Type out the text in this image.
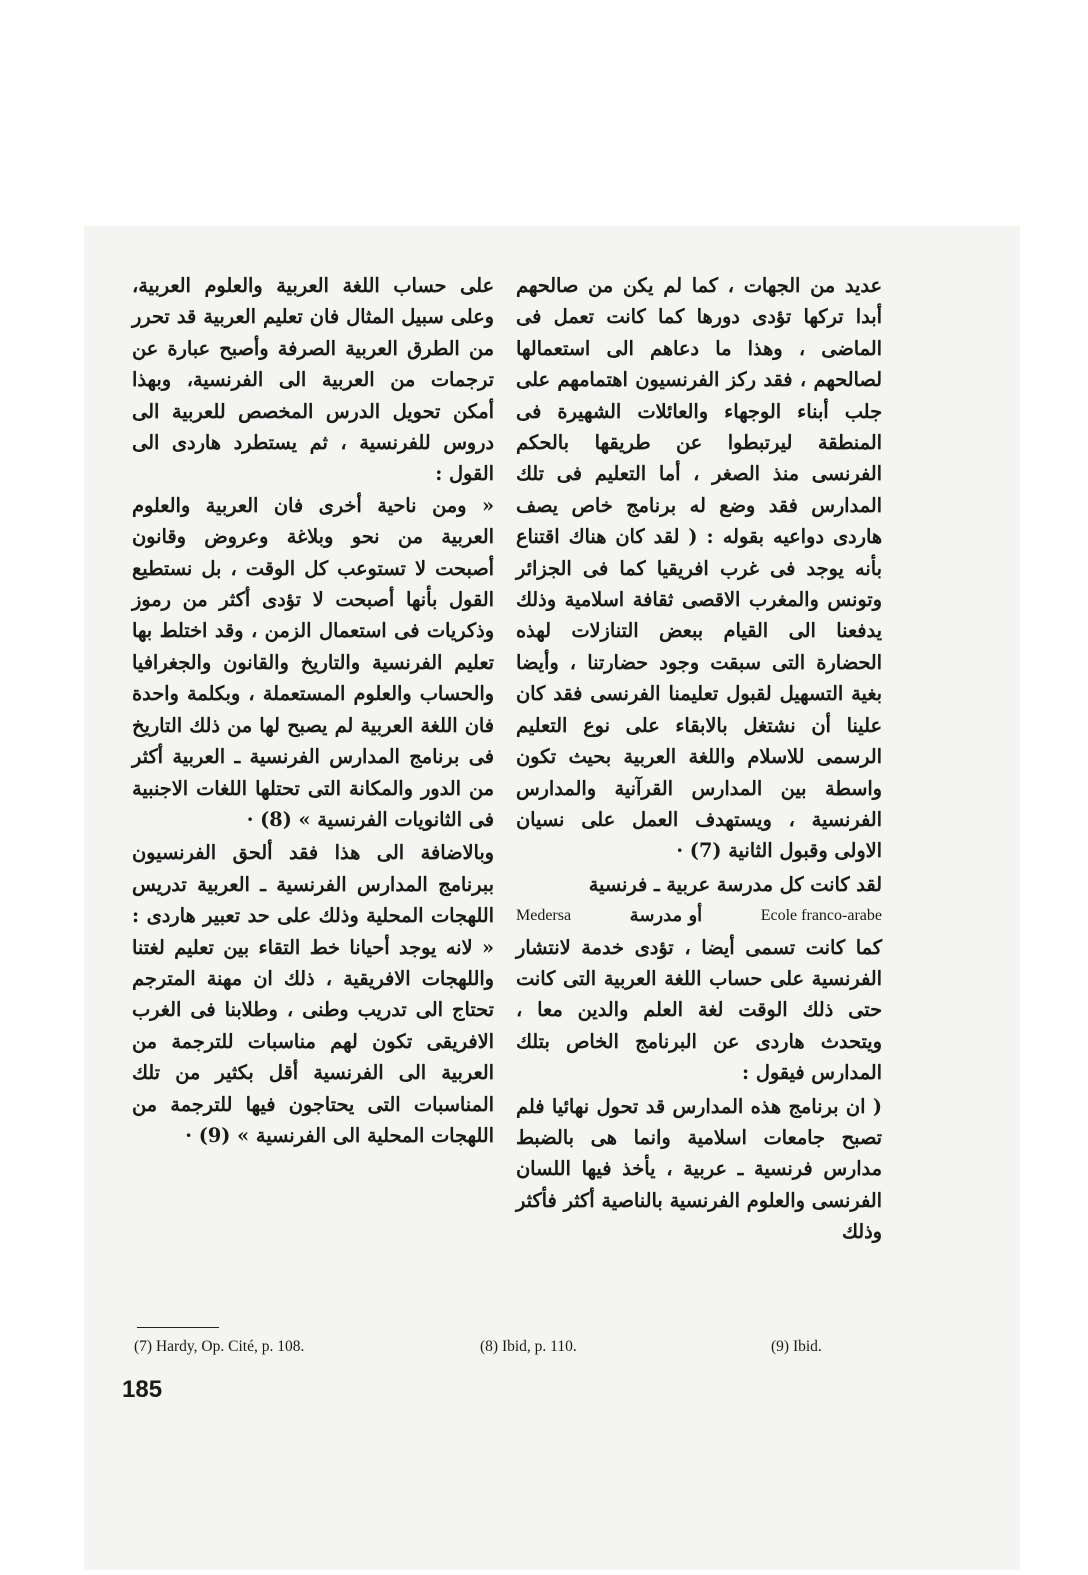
عديد من الجهات ، كما لم يكن من صالحهم أبدا تركها تؤدى دورها كما كانت تعمل فى الماضى ، وهذا ما دعاهم الى استعمالها لصالحهم ، فقد ركز الفرنسيون اهتمامهم على جلب أبناء الوجهاء والعائلات الشهيرة فى المنطقة ليرتبطوا عن طريقها بالحكم الفرنسى منذ الصغر ، أما التعليم فى تلك المدارس فقد وضع له برنامج خاص يصف هاردى دواعيه بقوله : ( لقد كان هناك اقتناع بأنه يوجد فى غرب افريقيا كما فى الجزائر وتونس والمغرب الاقصى ثقافة اسلامية وذلك يدفعنا الى القيام ببعض التنازلات لهذه الحضارة التى سبقت وجود حضارتنا ، وأيضا بغية التسهيل لقبول تعليمنا الفرنسى فقد كان علينا أن نشتغل بالابقاء على نوع التعليم الرسمى للاسلام واللغة العربية بحيث تكون واسطة بين المدارس القرآنية والمدارس الفرنسية ، ويستهدف العمل على نسيان الاولى وقبول الثانية (7) ·

لقد كانت كل مدرسة عربية ـ فرنسية

Medersa	أو مدرسة	Ecole franco-arabe

كما كانت تسمى أيضا ، تؤدى خدمة لانتشار الفرنسية على حساب اللغة العربية التى كانت حتى ذلك الوقت لغة العلم والدين معا ، ويتحدث هاردى عن البرنامج الخاص بتلك المدارس فيقول :

( ان برنامج هذه المدارس قد تحول نهائيا فلم تصبح جامعات اسلامية وانما هى بالضبط مدارس فرنسية ـ عربية ، يأخذ فيها اللسان الفرنسى والعلوم الفرنسية بالناصية أكثر فأكثر وذلك

على حساب اللغة العربية والعلوم العربية، وعلى سبيل المثال فان تعليم العربية قد تحرر من الطرق العربية الصرفة وأصبح عبارة عن ترجمات من العربية الى الفرنسية، وبهذا أمكن تحويل الدرس المخصص للعربية الى دروس للفرنسية ، ثم يستطرد هاردى الى القول :

« ومن ناحية أخرى فان العربية والعلوم العربية من نحو وبلاغة وعروض وقانون أصبحت لا تستوعب كل الوقت ، بل نستطيع القول بأنها أصبحت لا تؤدى أكثر من رموز وذكريات فى استعمال الزمن ، وقد اختلط بها تعليم الفرنسية والتاريخ والقانون والجغرافيا والحساب والعلوم المستعملة ، وبكلمة واحدة فان اللغة العربية لم يصبح لها من ذلك التاريخ فى برنامج المدارس الفرنسية ـ العربية أكثر من الدور والمكانة التى تحتلها اللغات الاجنبية فى الثانويات الفرنسية » (8) ·

وبالاضافة الى هذا فقد ألحق الفرنسيون ببرنامج المدارس الفرنسية ـ العربية تدريس اللهجات المحلية وذلك على حد تعبير هاردى : « لانه يوجد أحيانا خط التقاء بين تعليم لغتنا واللهجات الافريقية ، ذلك ان مهنة المترجم تحتاج الى تدريب وطنى ، وطلابنا فى الغرب الافريقى تكون لهم مناسبات للترجمة من العربية الى الفرنسية أقل بكثير من تلك المناسبات التى يحتاجون فيها للترجمة من اللهجات المحلية الى الفرنسية » (9) ·

(7) Hardy, Op. Cité, p. 108.	(8) Ibid, p. 110.	(9) Ibid.
185
